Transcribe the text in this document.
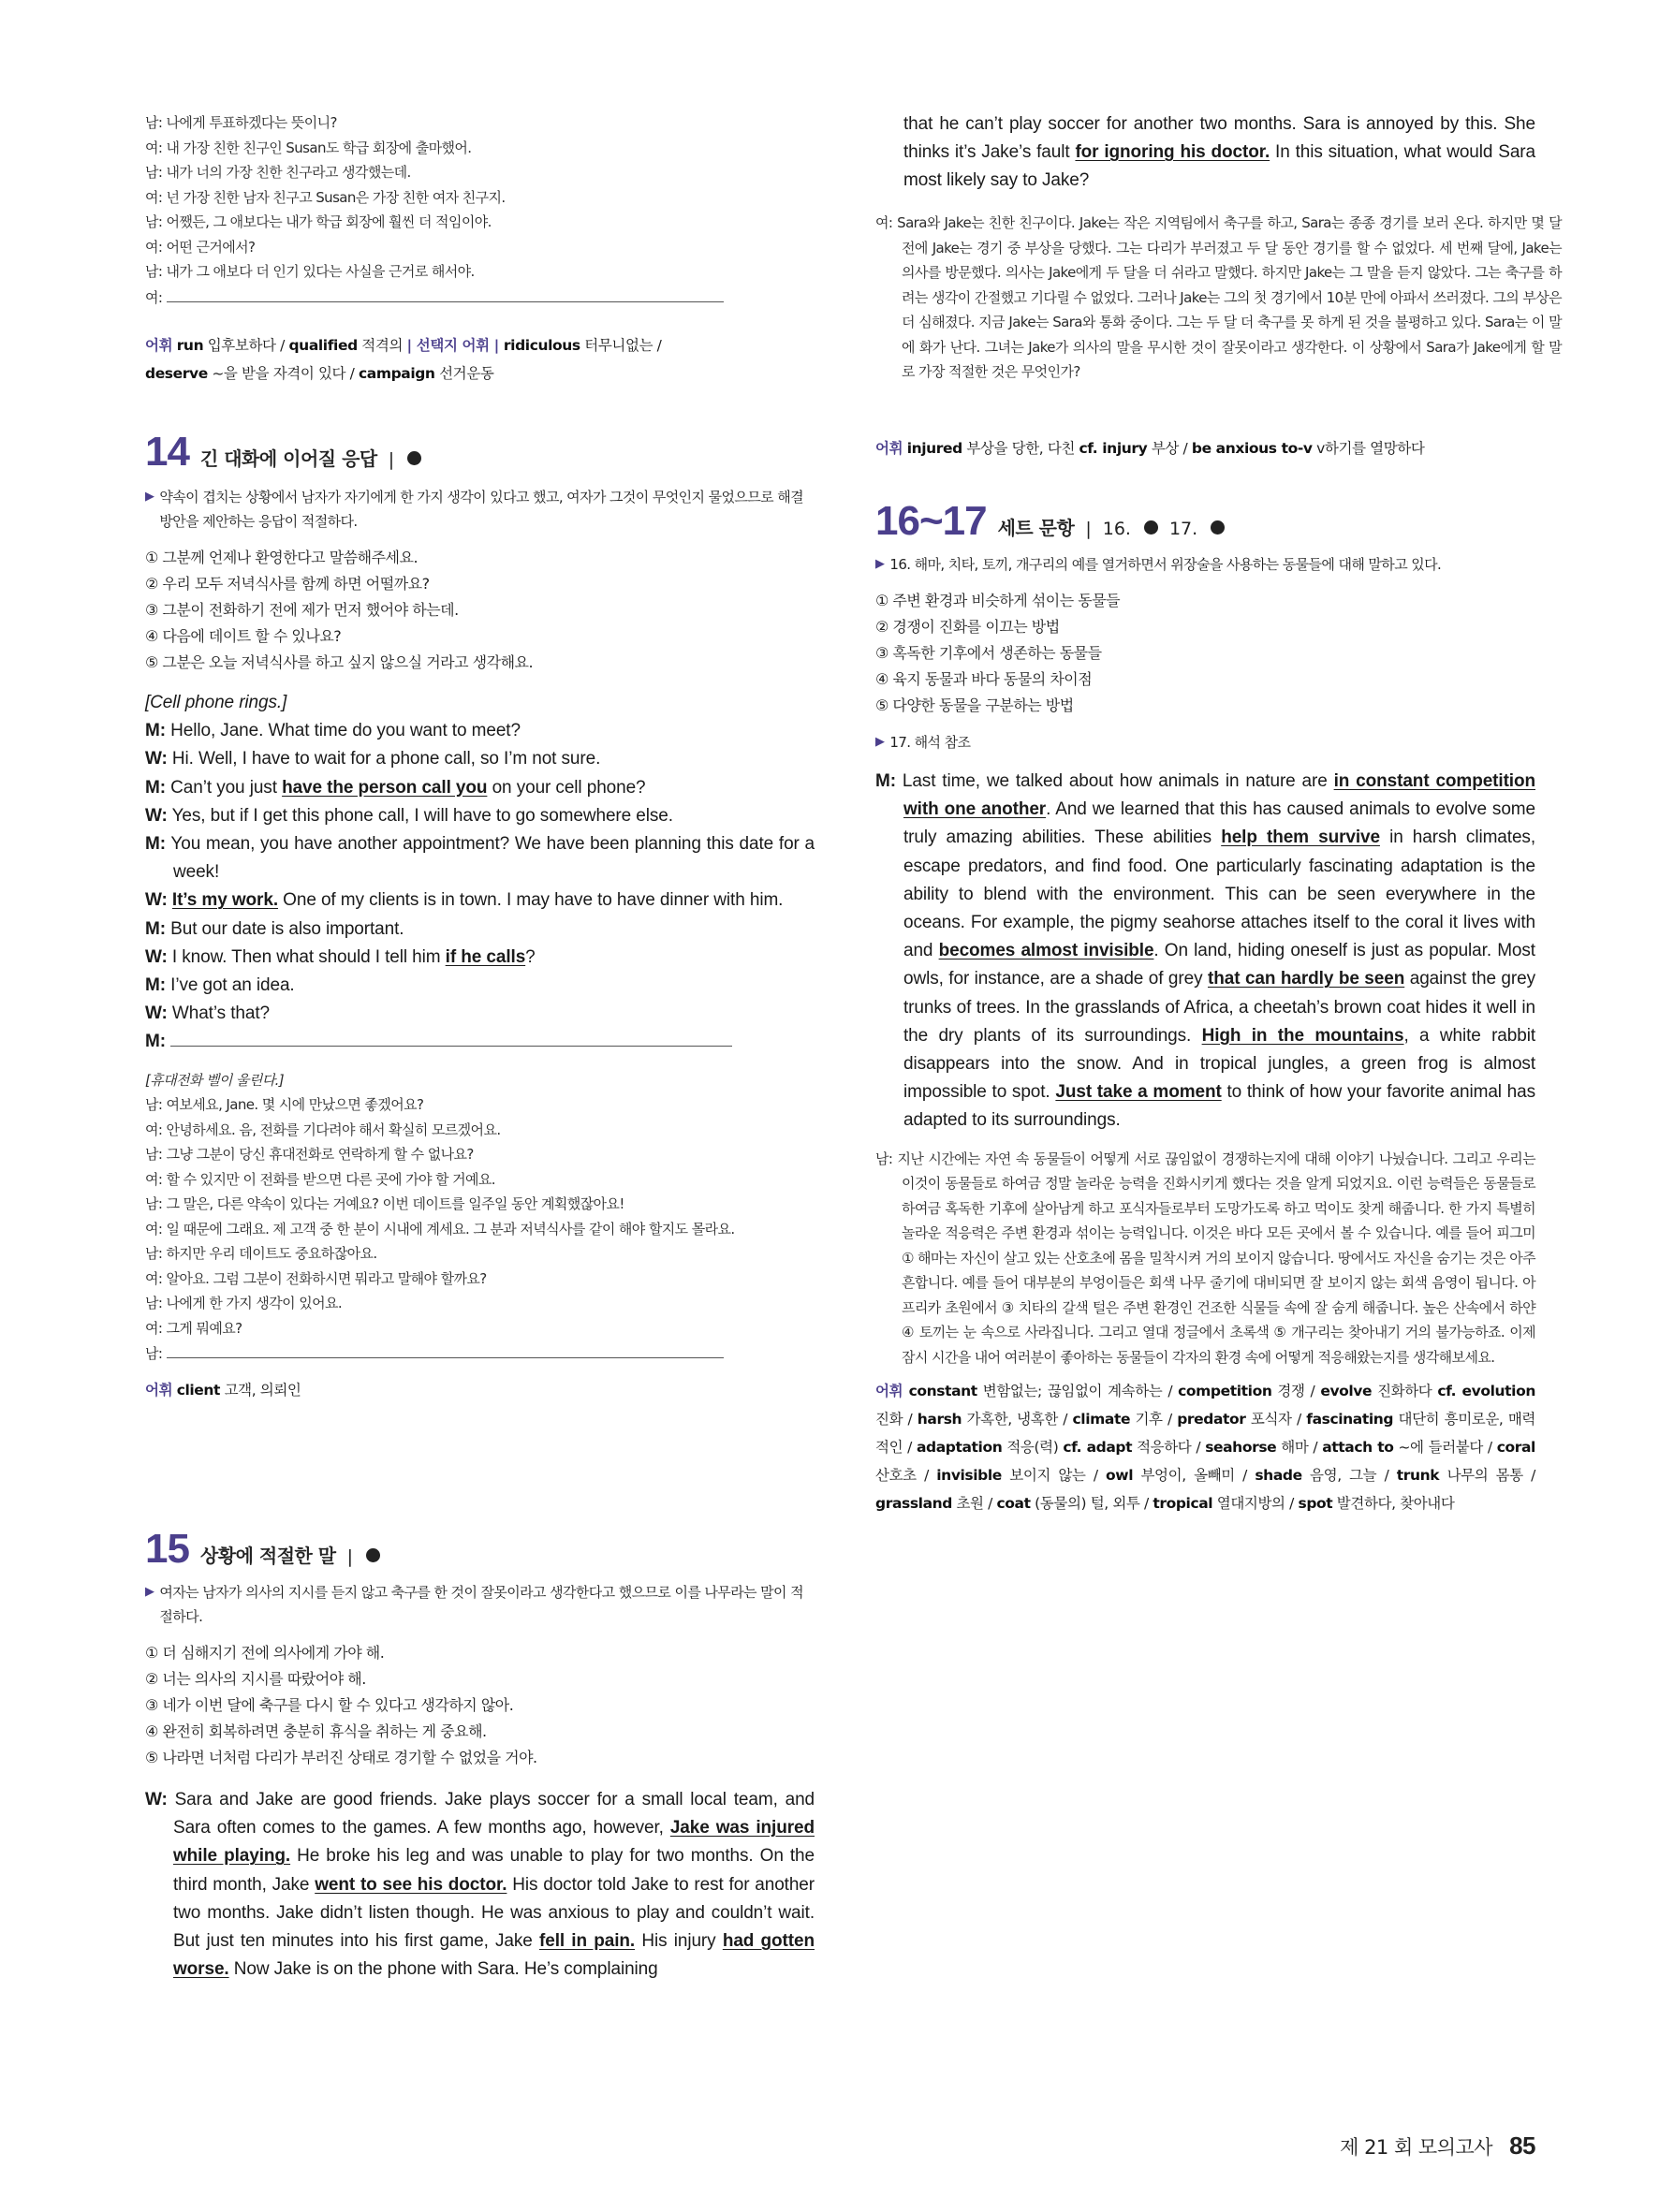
남: 나에게 투표하겠다는 뜻이니?

여: 내 가장 친한 친구인 Susan도 학급 회장에 출마했어.

남: 내가 너의 가장 친한 친구라고 생각했는데.

여: 넌 가장 친한 남자 친구고 Susan은 가장 친한 여자 친구지.

남: 어쨌든, 그 애보다는 내가 학급 회장에 훨씬 더 적임이야.

여: 어떤 근거에서?

남: 내가 그 애보다 더 인기 있다는 사실을 근거로 해서야.

여:

어휘 run 입후보하다 / qualified 적격의 | 선택지 어휘 | ridiculous 터무니없는 /
deserve ~을 받을 자격이 있다 / campaign 선거운동
14 긴 대화에 이어질 응답 |
▶ 약속이 겹치는 상황에서 남자가 자기에게 한 가지 생각이 있다고 했고, 여자가 그것이 무엇인지 물었으므로 해결 방안을 제안하는 응답이 적절하다.

① 그분께 언제나 환영한다고 말씀해주세요.

② 우리 모두 저녁식사를 함께 하면 어떨까요?

③ 그분이 전화하기 전에 제가 먼저 했어야 하는데.

④ 다음에 데이트 할 수 있나요?

⑤ 그분은 오늘 저녁식사를 하고 싶지 않으실 거라고 생각해요.

[Cell phone rings.]

M: Hello, Jane. What time do you want to meet?

W: Hi. Well, I have to wait for a phone call, so I’m not sure.

M: Can’t you just have the person call you on your cell phone?

W: Yes, but if I get this phone call, I will have to go somewhere else.

M: You mean, you have another appointment? We have been planning this date for a week!

W: It’s my work. One of my clients is in town. I may have to have dinner with him.

M: But our date is also important.

W: I know. Then what should I tell him if he calls?

M: I’ve got an idea.

W: What’s that?

M:

[휴대전화 벨이 울린다.]

남: 여보세요, Jane. 몇 시에 만났으면 좋겠어요?

여: 안녕하세요. 음, 전화를 기다려야 해서 확실히 모르겠어요.

남: 그냥 그분이 당신 휴대전화로 연락하게 할 수 없나요?

여: 할 수 있지만 이 전화를 받으면 다른 곳에 가야 할 거예요.

남: 그 말은, 다른 약속이 있다는 거예요? 이번 데이트를 일주일 동안 계획했잖아요!

여: 일 때문에 그래요. 제 고객 중 한 분이 시내에 계세요. 그 분과 저녁식사를 같이 해야 할지도 몰라요.

남: 하지만 우리 데이트도 중요하잖아요.

여: 알아요. 그럼 그분이 전화하시면 뭐라고 말해야 할까요?

남: 나에게 한 가지 생각이 있어요.

여: 그게 뭐예요?

남:

어휘 client 고객, 의뢰인
15 상황에 적절한 말 |
▶ 여자는 남자가 의사의 지시를 듣지 않고 축구를 한 것이 잘못이라고 생각한다고 했으므로 이를 나무라는 말이 적절하다.

① 더 심해지기 전에 의사에게 가야 해.

② 너는 의사의 지시를 따랐어야 해.

③ 네가 이번 달에 축구를 다시 할 수 있다고 생각하지 않아.

④ 완전히 회복하려면 충분히 휴식을 취하는 게 중요해.

⑤ 나라면 너처럼 다리가 부러진 상태로 경기할 수 없었을 거야.

W: Sara and Jake are good friends. Jake plays soccer for a small local team, and Sara often comes to the games. A few months ago, however, Jake was injured while playing. He broke his leg and was unable to play for two months. On the third month, Jake went to see his doctor. His doctor told Jake to rest for another two months. Jake didn’t listen though. He was anxious to play and couldn’t wait. But just ten minutes into his first game, Jake fell in pain. His injury had gotten worse. Now Jake is on the phone with Sara. He’s complaining
that he can’t play soccer for another two months. Sara is annoyed by this. She thinks it’s Jake’s fault for ignoring his doctor. In this situation, what would Sara most likely say to Jake?
여: Sara와 Jake는 친한 친구이다. Jake는 작은 지역팀에서 축구를 하고, Sara는 종종 경기를 보러 온다. 하지만 몇 달 전에 Jake는 경기 중 부상을 당했다. 그는 다리가 부러졌고 두 달 동안 경기를 할 수 없었다. 세 번째 달에, Jake는 의사를 방문했다. 의사는 Jake에게 두 달을 더 쉬라고 말했다. 하지만 Jake는 그 말을 듣지 않았다. 그는 축구를 하려는 생각이 간절했고 기다릴 수 없었다. 그러나 Jake는 그의 첫 경기에서 10분 만에 아파서 쓰러졌다. 그의 부상은 더 심해졌다. 지금 Jake는 Sara와 통화 중이다. 그는 두 달 더 축구를 못 하게 된 것을 불평하고 있다. Sara는 이 말에 화가 난다. 그녀는 Jake가 의사의 말을 무시한 것이 잘못이라고 생각한다. 이 상황에서 Sara가 Jake에게 할 말로 가장 적절한 것은 무엇인가?
어휘 injured 부상을 당한, 다친 cf. injury 부상 / be anxious to-v v하기를 열망하다
16~17 세트 문항 | 16. 17.
▶ 16. 해마, 치타, 토끼, 개구리의 예를 열거하면서 위장술을 사용하는 동물들에 대해 말하고 있다.

① 주변 환경과 비슷하게 섞이는 동물들

② 경쟁이 진화를 이끄는 방법

③ 혹독한 기후에서 생존하는 동물들

④ 육지 동물과 바다 동물의 차이점

⑤ 다양한 동물을 구분하는 방법

▶ 17. 해석 참조
M: Last time, we talked about how animals in nature are in constant competition with one another. And we learned that this has caused animals to evolve some truly amazing abilities. These abilities help them survive in harsh climates, escape predators, and find food. One particularly fascinating adaptation is the ability to blend with the environment. This can be seen everywhere in the oceans. For example, the pigmy seahorse attaches itself to the coral it lives with and becomes almost invisible. On land, hiding oneself is just as popular. Most owls, for instance, are a shade of grey that can hardly be seen against the grey trunks of trees. In the grasslands of Africa, a cheetah’s brown coat hides it well in the dry plants of its surroundings. High in the mountains, a white rabbit disappears into the snow. And in tropical jungles, a green frog is almost impossible to spot. Just take a moment to think of how your favorite animal has adapted to its surroundings.
남: 지난 시간에는 자연 속 동물들이 어떻게 서로 끊임없이 경쟁하는지에 대해 이야기 나눴습니다. 그리고 우리는 이것이 동물들로 하여금 정말 놀라운 능력을 진화시키게 했다는 것을 알게 되었지요. 이런 능력들은 동물들로 하여금 혹독한 기후에 살아남게 하고 포식자들로부터 도망가도록 하고 먹이도 찾게 해줍니다. 한 가지 특별히 놀라운 적응력은 주변 환경과 섞이는 능력입니다. 이것은 바다 모든 곳에서 볼 수 있습니다. 예를 들어 피그미 ① 해마는 자신이 살고 있는 산호초에 몸을 밀착시켜 거의 보이지 않습니다. 땅에서도 자신을 숨기는 것은 아주 흔합니다. 예를 들어 대부분의 부엉이들은 회색 나무 줄기에 대비되면 잘 보이지 않는 회색 음영이 됩니다. 아프리카 초원에서 ③ 치타의 갈색 털은 주변 환경인 건조한 식물들 속에 잘 숨게 해줍니다. 높은 산속에서 하얀 ④ 토끼는 눈 속으로 사라집니다. 그리고 열대 정글에서 초록색 ⑤ 개구리는 찾아내기 거의 불가능하죠. 이제 잠시 시간을 내어 여러분이 좋아하는 동물들이 각자의 환경 속에 어떻게 적응해왔는지를 생각해보세요.
어휘 constant 변함없는; 끊임없이 계속하는 / competition 경쟁 / evolve 진화하다 cf. evolution 진화 / harsh 가혹한, 냉혹한 / climate 기후 / predator 포식자 / fascinating 대단히 흥미로운, 매력적인 / adaptation 적응(력) cf. adapt 적응하다 / seahorse 해마 / attach to ~에 들러붙다 / coral 산호초 / invisible 보이지 않는 / owl 부엉이, 올빼미 / shade 음영, 그늘 / trunk 나무의 몸통 / grassland 초원 / coat (동물의) 털, 외투 / tropical 열대지방의 / spot 발견하다, 찾아내다
제 21 회 모의고사 85
